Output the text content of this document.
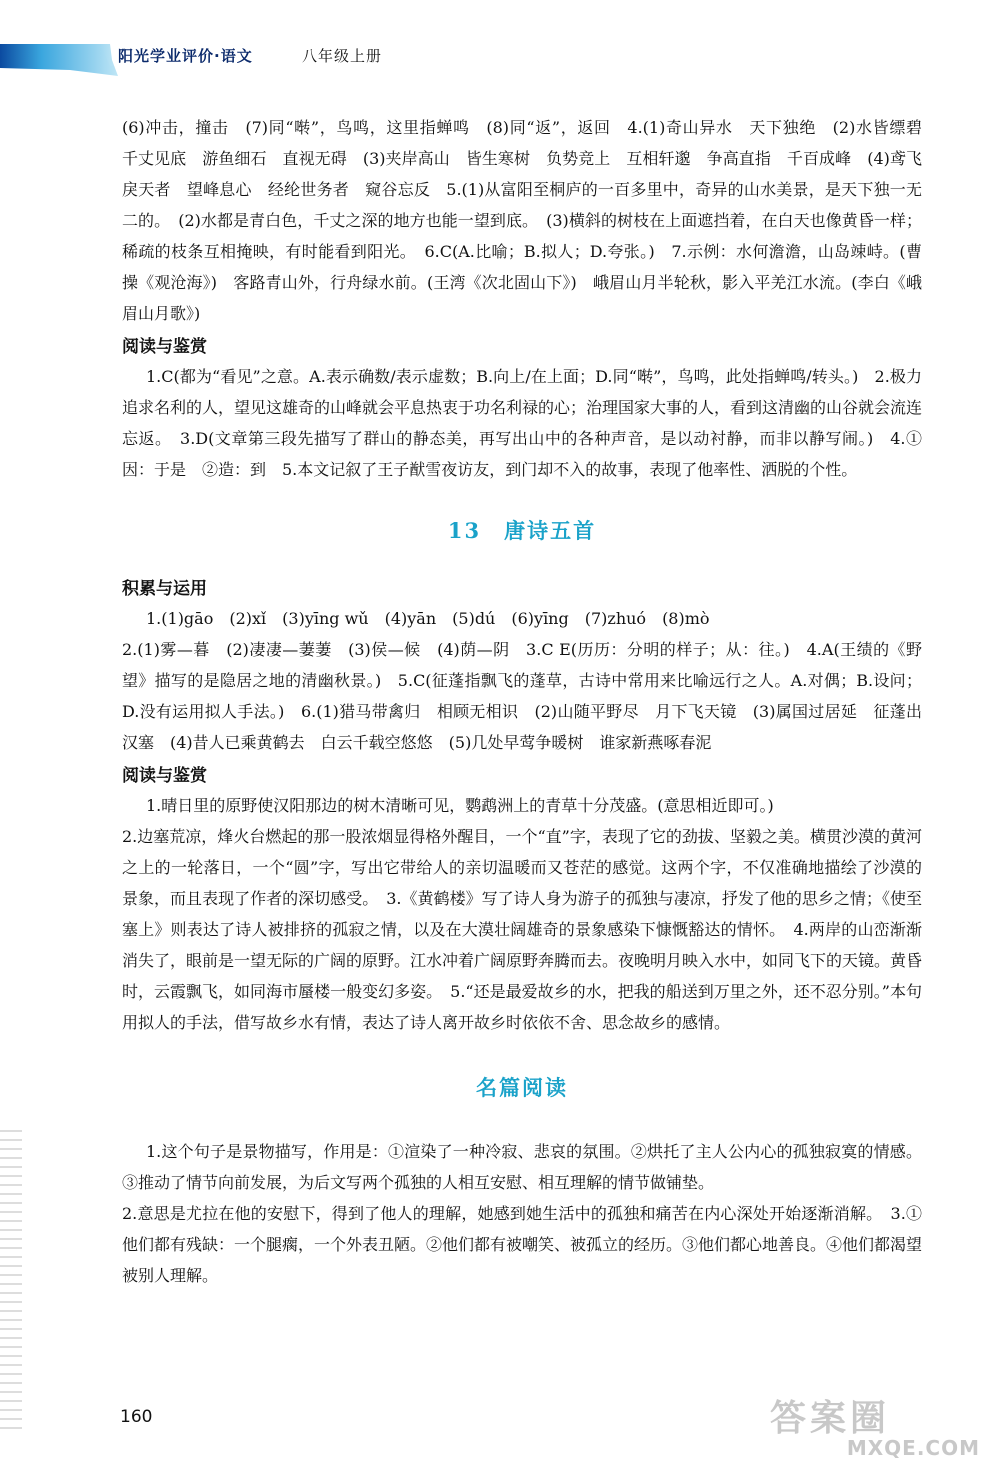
阳光学业评价·语文	八年级上册

(6)冲击，撞击　(7)同“啭”，鸟鸣，这里指蝉鸣　(8)同“返”，返回　4.(1)奇山异水　天下独绝　(2)水皆缥碧　千丈见底　游鱼细石　直视无碍　(3)夹岸高山　皆生寒树　负势竞上　互相轩邈　争高直指　千百成峰　(4)鸢飞戾天者　望峰息心　经纶世务者　窥谷忘反　5.(1)从富阳至桐庐的一百多里中，奇异的山水美景，是天下独一无二的。　(2)水都是青白色，千丈之深的地方也能一望到底。　(3)横斜的树枝在上面遮挡着，在白天也像黄昏一样；稀疏的枝条互相掩映，有时能看到阳光。　6.C(A.比喻；B.拟人；D.夸张。)　7.示例：水何澹澹，山岛竦峙。(曹操《观沧海》)　客路青山外，行舟绿水前。(王湾《次北固山下》)　峨眉山月半轮秋，影入平羌江水流。(李白《峨眉山月歌》)

阅读与鉴赏

1.C(都为“看见”之意。A.表示确数/表示虚数；B.向上/在上面；D.同“啭”，鸟鸣，此处指蝉鸣/转头。)　2.极力追求名利的人，望见这雄奇的山峰就会平息热衷于功名利禄的心；治理国家大事的人，看到这清幽的山谷就会流连忘返。　3.D(文章第三段先描写了群山的静态美，再写出山中的各种声音，是以动衬静，而非以静写闹。)　4.①因：于是　②造：到　5.本文记叙了王子猷雪夜访友，到门却不入的故事，表现了他率性、洒脱的个性。

13　唐诗五首
积累与运用

1.(1)gāo　(2)xǐ　(3)yīng wǔ　(4)yān　(5)dú　(6)yīng　(7)zhuó　(8)mò

2.(1)雾—暮　(2)凄凄—萋萋　(3)侯—候　(4)荫—阴　3.C E(历历：分明的样子；从：往。)　4.A(王绩的《野望》描写的是隐居之地的清幽秋景。)　5.C(征蓬指飘飞的蓬草，古诗中常用来比喻远行之人。A.对偶；B.设问；D.没有运用拟人手法。)　6.(1)猎马带禽归　相顾无相识　(2)山随平野尽　月下飞天镜　(3)属国过居延　征蓬出汉塞　(4)昔人已乘黄鹤去　白云千载空悠悠　(5)几处早莺争暖树　谁家新燕啄春泥

阅读与鉴赏

1.晴日里的原野使汉阳那边的树木清晰可见，鹦鹉洲上的青草十分茂盛。(意思相近即可。)

2.边塞荒凉，烽火台燃起的那一股浓烟显得格外醒目，一个“直”字，表现了它的劲拔、坚毅之美。横贯沙漠的黄河之上的一轮落日，一个“圆”字，写出它带给人的亲切温暖而又苍茫的感觉。这两个字，不仅准确地描绘了沙漠的景象，而且表现了作者的深切感受。　3.《黄鹤楼》写了诗人身为游子的孤独与凄凉，抒发了他的思乡之情；《使至塞上》则表达了诗人被排挤的孤寂之情，以及在大漠壮阔雄奇的景象感染下慷慨豁达的情怀。　4.两岸的山峦渐渐消失了，眼前是一望无际的广阔的原野。江水冲着广阔原野奔腾而去。夜晚明月映入水中，如同飞下的天镜。黄昏时，云霞飘飞，如同海市蜃楼一般变幻多姿。　5.“还是最爱故乡的水，把我的船送到万里之外，还不忍分别。”本句用拟人的手法，借写故乡水有情，表达了诗人离开故乡时依依不舍、思念故乡的感情。

名篇阅读

1.这个句子是景物描写，作用是：①渲染了一种冷寂、悲哀的氛围。②烘托了主人公内心的孤独寂寞的情感。③推动了情节向前发展，为后文写两个孤独的人相互安慰、相互理解的情节做铺垫。

2.意思是尤拉在他的安慰下，得到了他人的理解，她感到她生活中的孤独和痛苦在内心深处开始逐渐消解。　3.①他们都有残缺：一个腿瘸，一个外表丑陋。②他们都有被嘲笑、被孤立的经历。③他们都心地善良。④他们都渴望被别人理解。

160	答案圈
MXQE.COM
